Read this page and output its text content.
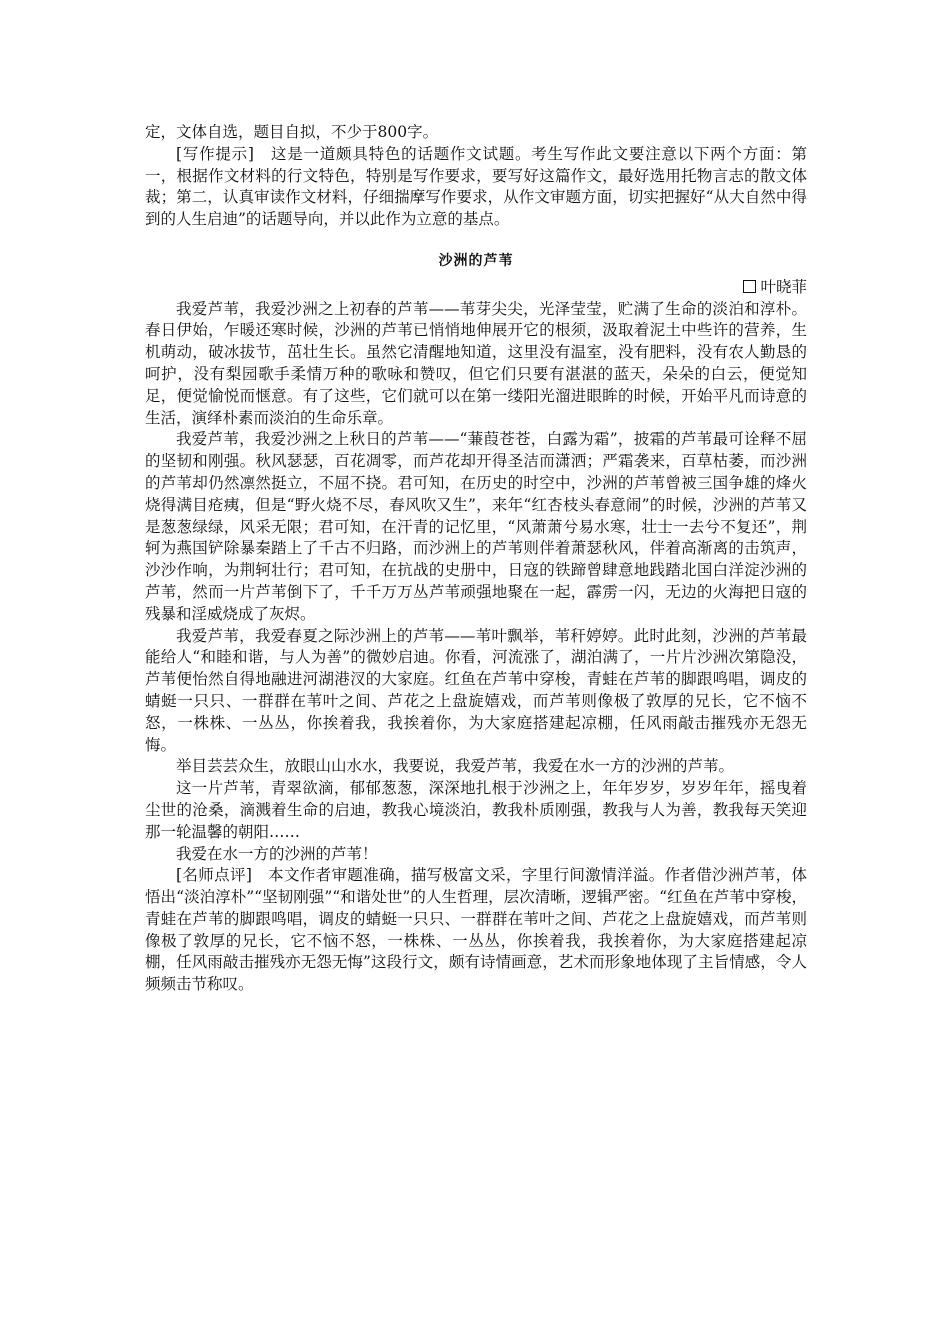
定，文体自选，题目自拟，不少于800字。

[写作提示]　 这是一道颇具特色的话题作文试题。考生写作此文要注意以下两个方面：第一，根据作文材料的行文特色，特别是写作要求，要写好这篇作文，最好选用托物言志的散文体裁；第二，认真审读作文材料，仔细揣摩写作要求，从作文审题方面，切实把握好“从大自然中得到的人生启迪”的话题导向，并以此作为立意的基点。

沙洲的芦苇

叶晓菲

我爱芦苇，我爱沙洲之上初春的芦苇——苇芽尖尖，光泽莹莹，贮满了生命的淡泊和淳朴。春日伊始，乍暖还寒时候，沙洲的芦苇已悄悄地伸展开它的根须，汲取着泥土中些许的营养，生机萌动，破冰拔节，茁壮生长。虽然它清醒地知道，这里没有温室，没有肥料，没有农人勤恳的呵护，没有梨园歌手柔情万种的歌咏和赞叹，但它们只要有湛湛的蓝天，朵朵的白云，便觉知足，便觉愉悦而惬意。有了这些，它们就可以在第一缕阳光溜进眼眸的时候，开始平凡而诗意的生活，演绎朴素而淡泊的生命乐章。

我爱芦苇，我爱沙洲之上秋日的芦苇——“蒹葭苍苍，白露为霜”，披霜的芦苇最可诠释不屈的坚韧和刚强。秋风瑟瑟，百花凋零，而芦花却开得圣洁而潇洒；严霜袭来，百草枯萎，而沙洲的芦苇却仍然凛然挺立，不屈不挠。君可知，在历史的时空中，沙洲的芦苇曾被三国争雄的烽火烧得满目疮痍，但是“野火烧不尽，春风吹又生”，来年“红杏枝头春意闹”的时候，沙洲的芦苇又是葱葱绿绿，风采无限；君可知，在汗青的记忆里，“风萧萧兮易水寒，壮士一去兮不复还”，荆轲为燕国铲除暴秦踏上了千古不归路，而沙洲上的芦苇则伴着萧瑟秋风，伴着高渐离的击筑声，沙沙作响，为荆轲壮行；君可知，在抗战的史册中，日寇的铁蹄曾肆意地践踏北国白洋淀沙洲的芦苇，然而一片芦苇倒下了，千千万万丛芦苇顽强地聚在一起，霹雳一闪，无边的火海把日寇的残暴和淫威烧成了灰烬。

我爱芦苇，我爱春夏之际沙洲上的芦苇——苇叶飘举，苇秆婷婷。此时此刻，沙洲的芦苇最能给人“和睦和谐，与人为善”的微妙启迪。你看，河流涨了，湖泊满了，一片片沙洲次第隐没，芦苇便怡然自得地融进河湖港汊的大家庭。红鱼在芦苇中穿梭，青蛙在芦苇的脚跟鸣唱，调皮的蜻蜓一只只、一群群在苇叶之间、芦花之上盘旋嬉戏，而芦苇则像极了敦厚的兄长，它不恼不怒，一株株、一丛丛，你挨着我，我挨着你，为大家庭搭建起凉棚，任风雨敲击摧残亦无怨无悔。

举目芸芸众生，放眼山山水水，我要说，我爱芦苇，我爱在水一方的沙洲的芦苇。

这一片芦苇，青翠欲滴，郁郁葱葱，深深地扎根于沙洲之上，年年岁岁，岁岁年年，摇曳着尘世的沧桑，滴溅着生命的启迪，教我心境淡泊，教我朴质刚强，教我与人为善，教我每天笑迎那一轮温馨的朝阳……

我爱在水一方的沙洲的芦苇！

[名师点评]　 本文作者审题准确，描写极富文采，字里行间激情洋溢。作者借沙洲芦苇，体悟出“淡泊淳朴”“坚韧刚强”“和谐处世”的人生哲理，层次清晰，逻辑严密。“红鱼在芦苇中穿梭，青蛙在芦苇的脚跟鸣唱，调皮的蜻蜓一只只、一群群在苇叶之间、芦花之上盘旋嬉戏，而芦苇则像极了敦厚的兄长，它不恼不怒，一株株、一丛丛，你挨着我，我挨着你，为大家庭搭建起凉棚，任风雨敲击摧残亦无怨无悔”这段行文，颇有诗情画意，艺术而形象地体现了主旨情感，令人频频击节称叹。
